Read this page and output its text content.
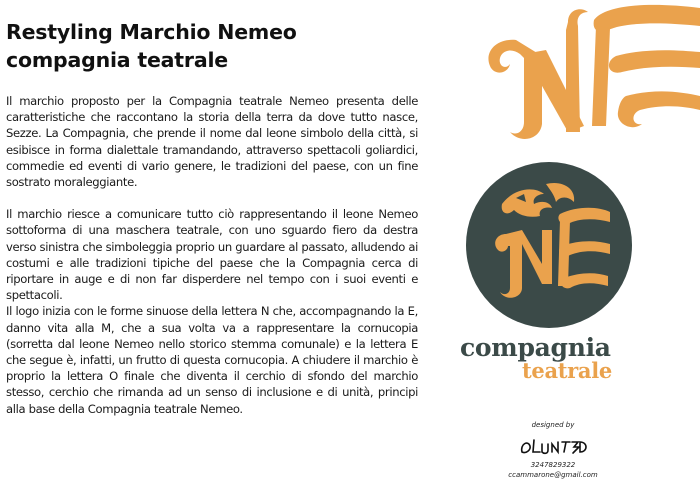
Restyling Marchio Nemeo
compagnia teatrale

Il marchio proposto per la Compagnia teatrale Nemeo presenta delle caratteristiche che raccontano la storia della terra da dove tutto nasce, Sezze. La Compagnia, che prende il nome dal leone simbolo della città, si esibisce in forma dialettale tramandando, attraverso spettacoli goliardici, commedie ed eventi di vario genere, le tradizioni del paese, con un fine sostrato moraleggiante.

Il marchio riesce a comunicare tutto ciò rappresentando il leone Nemeo sottoforma di una maschera teatrale, con uno sguardo fiero da destra verso sinistra che simboleggia proprio un guardare al passato, alludendo ai costumi e alle tradizioni tipiche del paese che la Compagnia cerca di riportare in auge e di non far disperdere nel tempo con i suoi eventi e spettacoli.

Il logo inizia con le forme sinuose della lettera N che, accompagnando la E, danno vita alla M, che a sua volta va a rappresentare la cornucopia (sorretta dal leone Nemeo nello storico stemma comunale) e la lettera E che segue è, infatti, un frutto di questa cornucopia. A chiudere il marchio è proprio la lettera O finale che diventa il cerchio di sfondo del marchio stesso, cerchio che rimanda ad un senso di inclusione e di unità, principi alla base della Compagnia teatrale Nemeo.

compagnia
teatrale
designed by
3247829322
ccammarone@gmail.com
